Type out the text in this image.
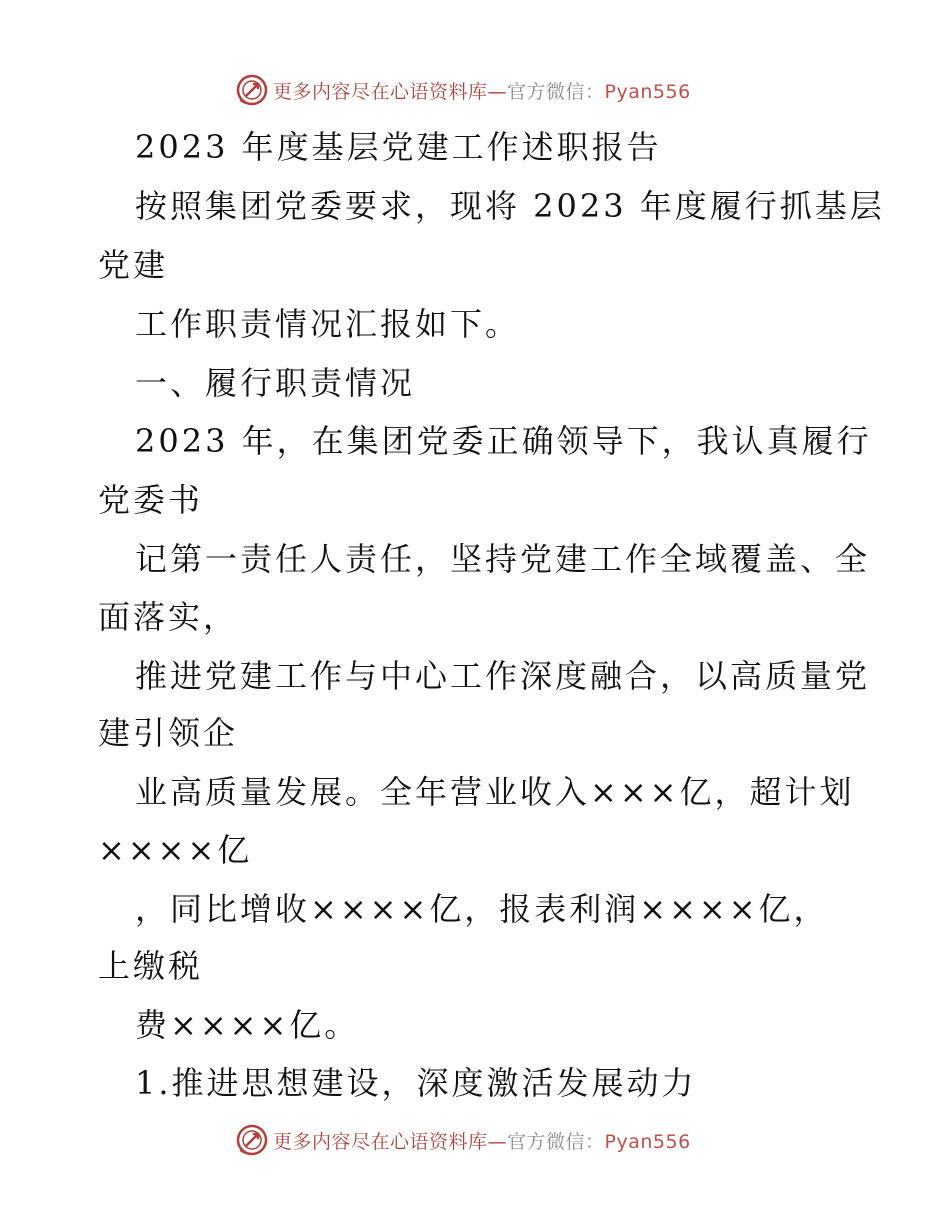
更多内容尽在心语资料库—官方微信：Pyan556
2023 年度基层党建工作述职报告
按照集团党委要求，现将 2023 年度履行抓基层
党建
工作职责情况汇报如下。
一、履行职责情况
2023 年，在集团党委正确领导下，我认真履行
党委书
记第一责任人责任，坚持党建工作全域覆盖、全
面落实，
推进党建工作与中心工作深度融合，以高质量党
建引领企
业高质量发展。全年营业收入×××亿，超计划
××××亿
，同比增收××××亿，报表利润××××亿，
上缴税
费××××亿。
1.推进思想建设，深度激活发展动力
更多内容尽在心语资料库—官方微信：Pyan556
